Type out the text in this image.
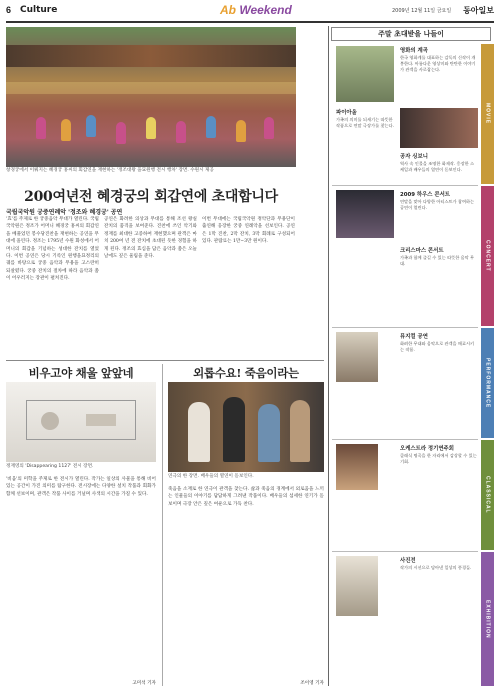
6 Culture	Ab Weekend	2009년 12월 11일 금요일 동아일보
창경궁에서 이뤄지는 혜경궁 홍씨의 회갑연을 재현하는 '정조대왕 을묘원행 전시 행차' 장면. 수원시 제공
200여년전 혜경궁의 회갑연에 초대합니다
국립국악원 궁중연례악 '정조와 혜경궁' 공연
'효'를 주제로 한 궁중음악 무대가 열린다. 국립국악원은 정조가 어머니 혜경궁 홍씨의 회갑연을 베풀었던 봉수당진찬을 재현하는 공연을 무대에 올린다. 정조는 1795년 수원 화성에서 어머니의 회갑을 기념하는 성대한 잔치를 열었다. 이번 공연은 당시 기록인 원행을묘정리의궤를 바탕으로 궁중 음악과 무용을 고스란히 되살렸다. 궁중 잔치의 절차에 따라 음악과 춤이 어우러지는 장관이 펼쳐진다.
공연은 화려한 의상과 무대를 통해 조선 왕실 잔치의 품격을 보여준다. 진찬에 쓰인 악기와 정재를 최대한 고증하여 재현했으며 관객은 마치 200여 년 전 잔치에 초대된 듯한 경험을 하게 된다. 정조의 효심을 담은 음악과 춤은 오늘날에도 깊은 울림을 준다.
이번 무대에는 국립국악원 정악단과 무용단이 출연해 웅장한 궁중 연례악을 선보인다. 공연은 1막 진찬, 2막 잔치, 3막 회례로 구성되어 있다. 관람료는 1만∼3만 원이다.
비우고야 채울 앞앞네
정재영의 'Disappearing 1127' 전시 장면.
'비움'의 미학을 주제로 한 전시가 열린다. 작가는 일상의 사물을 통해 비어 있는 공간이 가진 의미를 탐구한다. 전시장에는 다양한 설치 작품과 회화가 함께 선보이며, 관객은 작품 사이를 거닐며 사색의 시간을 가질 수 있다.
고미석 기자
외롭수요! 죽음이라는
연극의 한 장면. 배우들의 열연이 돋보인다.
죽음을 소재로 한 연극이 관객을 찾는다. 삶과 죽음의 경계에서 외로움을 느끼는 인물들의 이야기를 담담하게 그려낸 작품이다. 배우들의 섬세한 연기가 돋보이며 극장 안은 깊은 여운으로 가득 찬다.
조이영 기자
주말 초대받을 나들이
MOVIE
CONCERT
PERFORMANCE
CLASSICAL
EXHIBITION
영화의 계곡
한국 영화계를 대표하는 감독의 신작이 개봉한다. 아름다운 영상미와 탄탄한 이야기가 관객을 사로잡는다.
파이아올
가족의 의미를 되새기는 따뜻한 작품으로 연말 극장가를 찾는다.
공자 싱보니
역사 속 인물을 조명한 화제작. 웅장한 스케일과 배우들의 열연이 돋보인다.
2009 하우스 콘서트
연말을 맞아 다양한 아티스트가 참여하는 공연이 열린다.
크리스마스 콘서트
가족과 함께 즐길 수 있는 따뜻한 음악 무대.
뮤지컬 공연
화려한 무대와 음악으로 관객을 매료시키는 작품.
오케스트라 정기연주회
클래식 명곡을 한 자리에서 감상할 수 있는 기회.
사진전
작가의 시선으로 담아낸 일상의 풍경들.
